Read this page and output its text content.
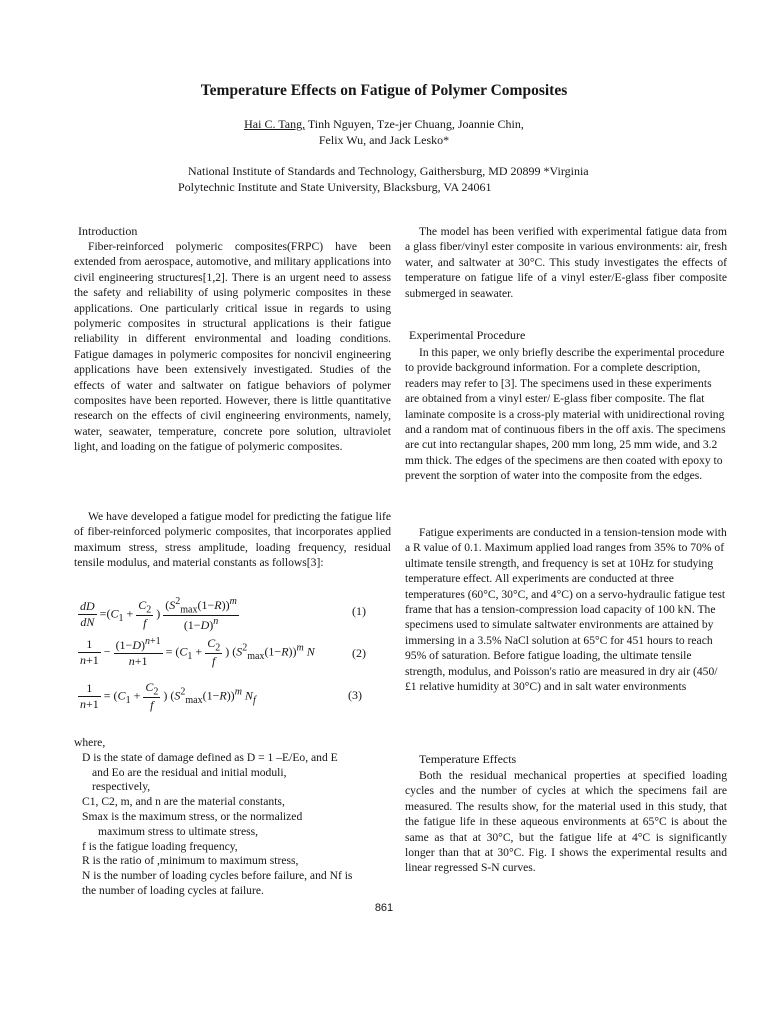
Temperature Effects on Fatigue of Polymer Composites
Hai C. Tang, Tinh Nguyen, Tze-jer Chuang, Joannie Chin,
Felix Wu, and Jack Lesko*
National Institute of Standards and Technology, Gaithersburg, MD 20899 *Virginia
Polytechnic Institute and State University, Blacksburg, VA 24061
Introduction
Fiber-reinforced polymeric composites(FRPC) have been extended from aerospace, automotive, and military applications into civil engineering structures[1,2]. There is an urgent need to assess the safety and reliability of using polymeric composites in these applications. One particularly critical issue in regards to using polymeric composites in structural applications is their fatigue reliability in different environmental and loading conditions. Fatigue damages in polymeric composites for noncivil engineering applications have been extensively investigated. Studies of the effects of water and saltwater on fatigue behaviors of polymer composites have been reported. However, there is little quantitative research on the effects of civil engineering environments, namely, water, seawater, temperature, concrete pore solution, ultraviolet light, and loading on the fatigue of polymeric composites.
We have developed a fatigue model for predicting the fatigue life of fiber-reinforced polymeric composites, that incorporates applied maximum stress, stress amplitude, loading frequency, residual tensile modulus, and material constants as follows[3]:
$\frac{dD}{dN} =(C_1 + \frac{C_2}{f}$ ) $\frac{(S^2_{max}(1-R))^m}{(1-D)^n}$	(1)
$\frac{1}{n+1} - \frac{(1-D)^{n+1}}{n+1} = (C_1 + \frac{C_2}{f}$ ) $(S^2_{max}(1-R))^m$ N	(2)
$\frac{1}{n+1} = (C_1 + \frac{C_2}{f}$ ) $(S^2_{max}(1-R))^m$ $N_f$	(3)
where,
D is the state of damage defined as D = 1 –E/Eo, and E
and Eo are the residual and initial moduli,
respectively,
C1, C2, m, and n are the material constants,
Smax is the maximum stress, or the normalized
maximum stress to ultimate stress,
f is the fatigue loading frequency,
R is the ratio of ,minimum to maximum stress,
N is the number of loading cycles before failure, and Nf is
the number of loading cycles at failure.
The model has been verified with experimental fatigue data from a glass fiber/vinyl ester composite in various environments: air, fresh water, and saltwater at 30°C. This study investigates the effects of temperature on fatigue life of a vinyl ester/E-glass fiber composite submerged in seawater.
Experimental Procedure
In this paper, we only briefly describe the experimental procedure to provide background information. For a complete description, readers may refer to [3]. The specimens used in these experiments are obtained from a vinyl ester/ E-glass fiber composite. The flat laminate composite is a cross-ply material with unidirectional roving and a random mat of continuous fibers in the off axis. The specimens are cut into rectangular shapes, 200 mm long, 25 mm wide, and 3.2 mm thick. The edges of the specimens are then coated with epoxy to prevent the sorption of water into the composite from the edges.
Fatigue experiments are conducted in a tension-tension mode with a R value of 0.1. Maximum applied load ranges from 35% to 70% of ultimate tensile strength, and frequency is set at 10Hz for studying temperature effect. All experiments are conducted at three temperatures (60°C, 30°C, and 4°C) on a servo-hydraulic fatigue test frame that has a tension-compression load capacity of 100 kN. The specimens used to simulate saltwater environments are attained by immersing in a 3.5% NaCl solution at 65°C for 451 hours to reach 95% of saturation. Before fatigue loading, the ultimate tensile strength, modulus, and Poisson's ratio are measured in dry air (450/£1 relative humidity at 30°C) and in salt water environments
Temperature Effects
Both the residual mechanical properties at specified loading cycles and the number of cycles at which the specimens fail are measured. The results show, for the material used in this study, that the fatigue life in these aqueous environments at 65°C is about the same as that at 30°C, but the fatigue life at 4°C is significantly longer than that at 30°C. Fig. I shows the experimental results and linear regressed S-N curves.
861
